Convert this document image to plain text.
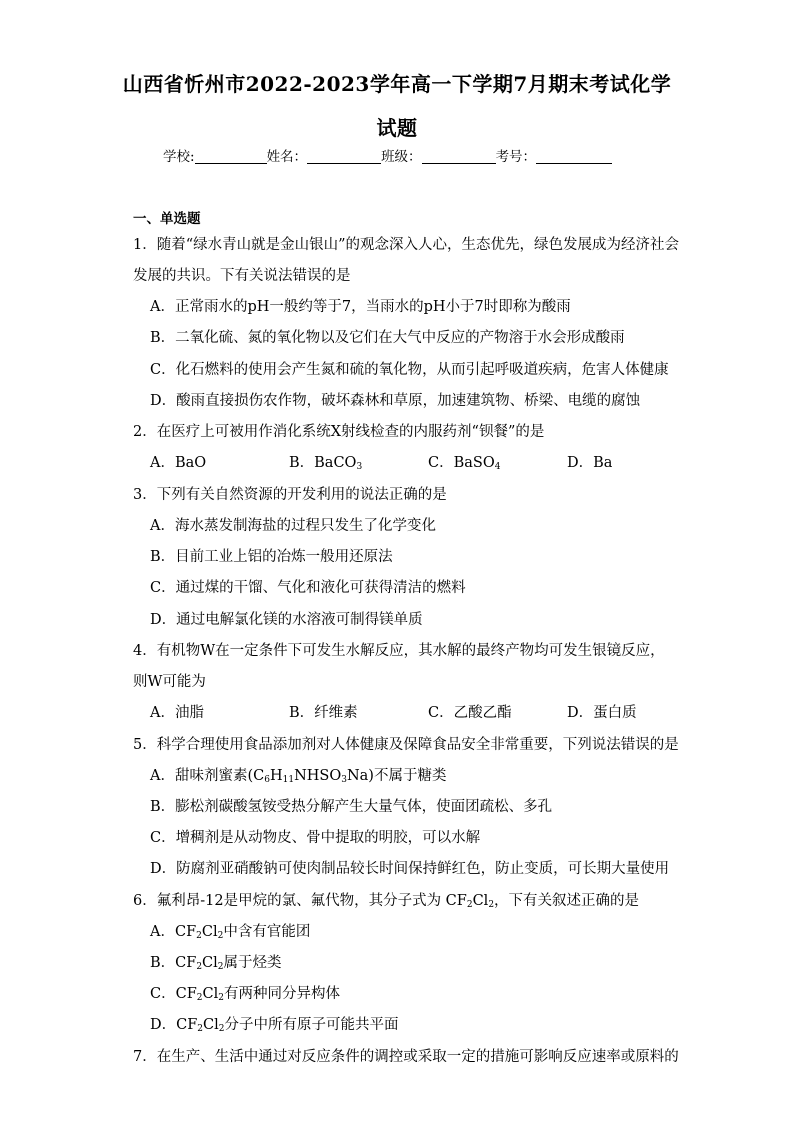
山西省忻州市2022-2023学年高一下学期7月期末考试化学
试题
学校:	姓名：	班级：	考号：
一、单选题
1．随着“绿水青山就是金山银山”的观念深入人心，生态优先，绿色发展成为经济社会
发展的共识。下有关说法错误的是
A．正常雨水的pH一般约等于7，当雨水的pH小于7时即称为酸雨
B．二氧化硫、氮的氧化物以及它们在大气中反应的产物溶于水会形成酸雨
C．化石燃料的使用会产生氮和硫的氧化物，从而引起呼吸道疾病，危害人体健康
D．酸雨直接损伤农作物，破坏森林和草原，加速建筑物、桥梁、电缆的腐蚀
2．在医疗上可被用作消化系统X射线检查的内服药剂“钡餐”的是
A．BaO	B．BaCO$_3$	C．BaSO$_4$	D．Ba
3．下列有关自然资源的开发利用的说法正确的是
A．海水蒸发制海盐的过程只发生了化学变化
B．目前工业上铝的冶炼一般用还原法
C．通过煤的干馏、气化和液化可获得清洁的燃料
D．通过电解氯化镁的水溶液可制得镁单质
4．有机物W在一定条件下可发生水解反应，其水解的最终产物均可发生银镜反应，
则W可能为
A．油脂	B．纤维素	C．乙酸乙酯	D．蛋白质
5．科学合理使用食品添加剂对人体健康及保障食品安全非常重要，下列说法错误的是
A．甜味剂蜜素$(C_6H_{11}NHSO_3Na)$不属于糖类
B．膨松剂碳酸氢铵受热分解产生大量气体，使面团疏松、多孔
C．增稠剂是从动物皮、骨中提取的明胶，可以水解
D．防腐剂亚硝酸钠可使肉制品较长时间保持鲜红色，防止变质，可长期大量使用
6．氟利昂-12是甲烷的氯、氟代物，其分子式为 $CF_2Cl_2$，下有关叙述正确的是
A．$CF_2Cl_2$中含有官能团
B．$CF_2Cl_2$属于烃类
C．$CF_2Cl_2$有两种同分异构体
D．$CF_2Cl_2$分子中所有原子可能共平面
7．在生产、生活中通过对反应条件的调控或采取一定的措施可影响反应速率或原料的
